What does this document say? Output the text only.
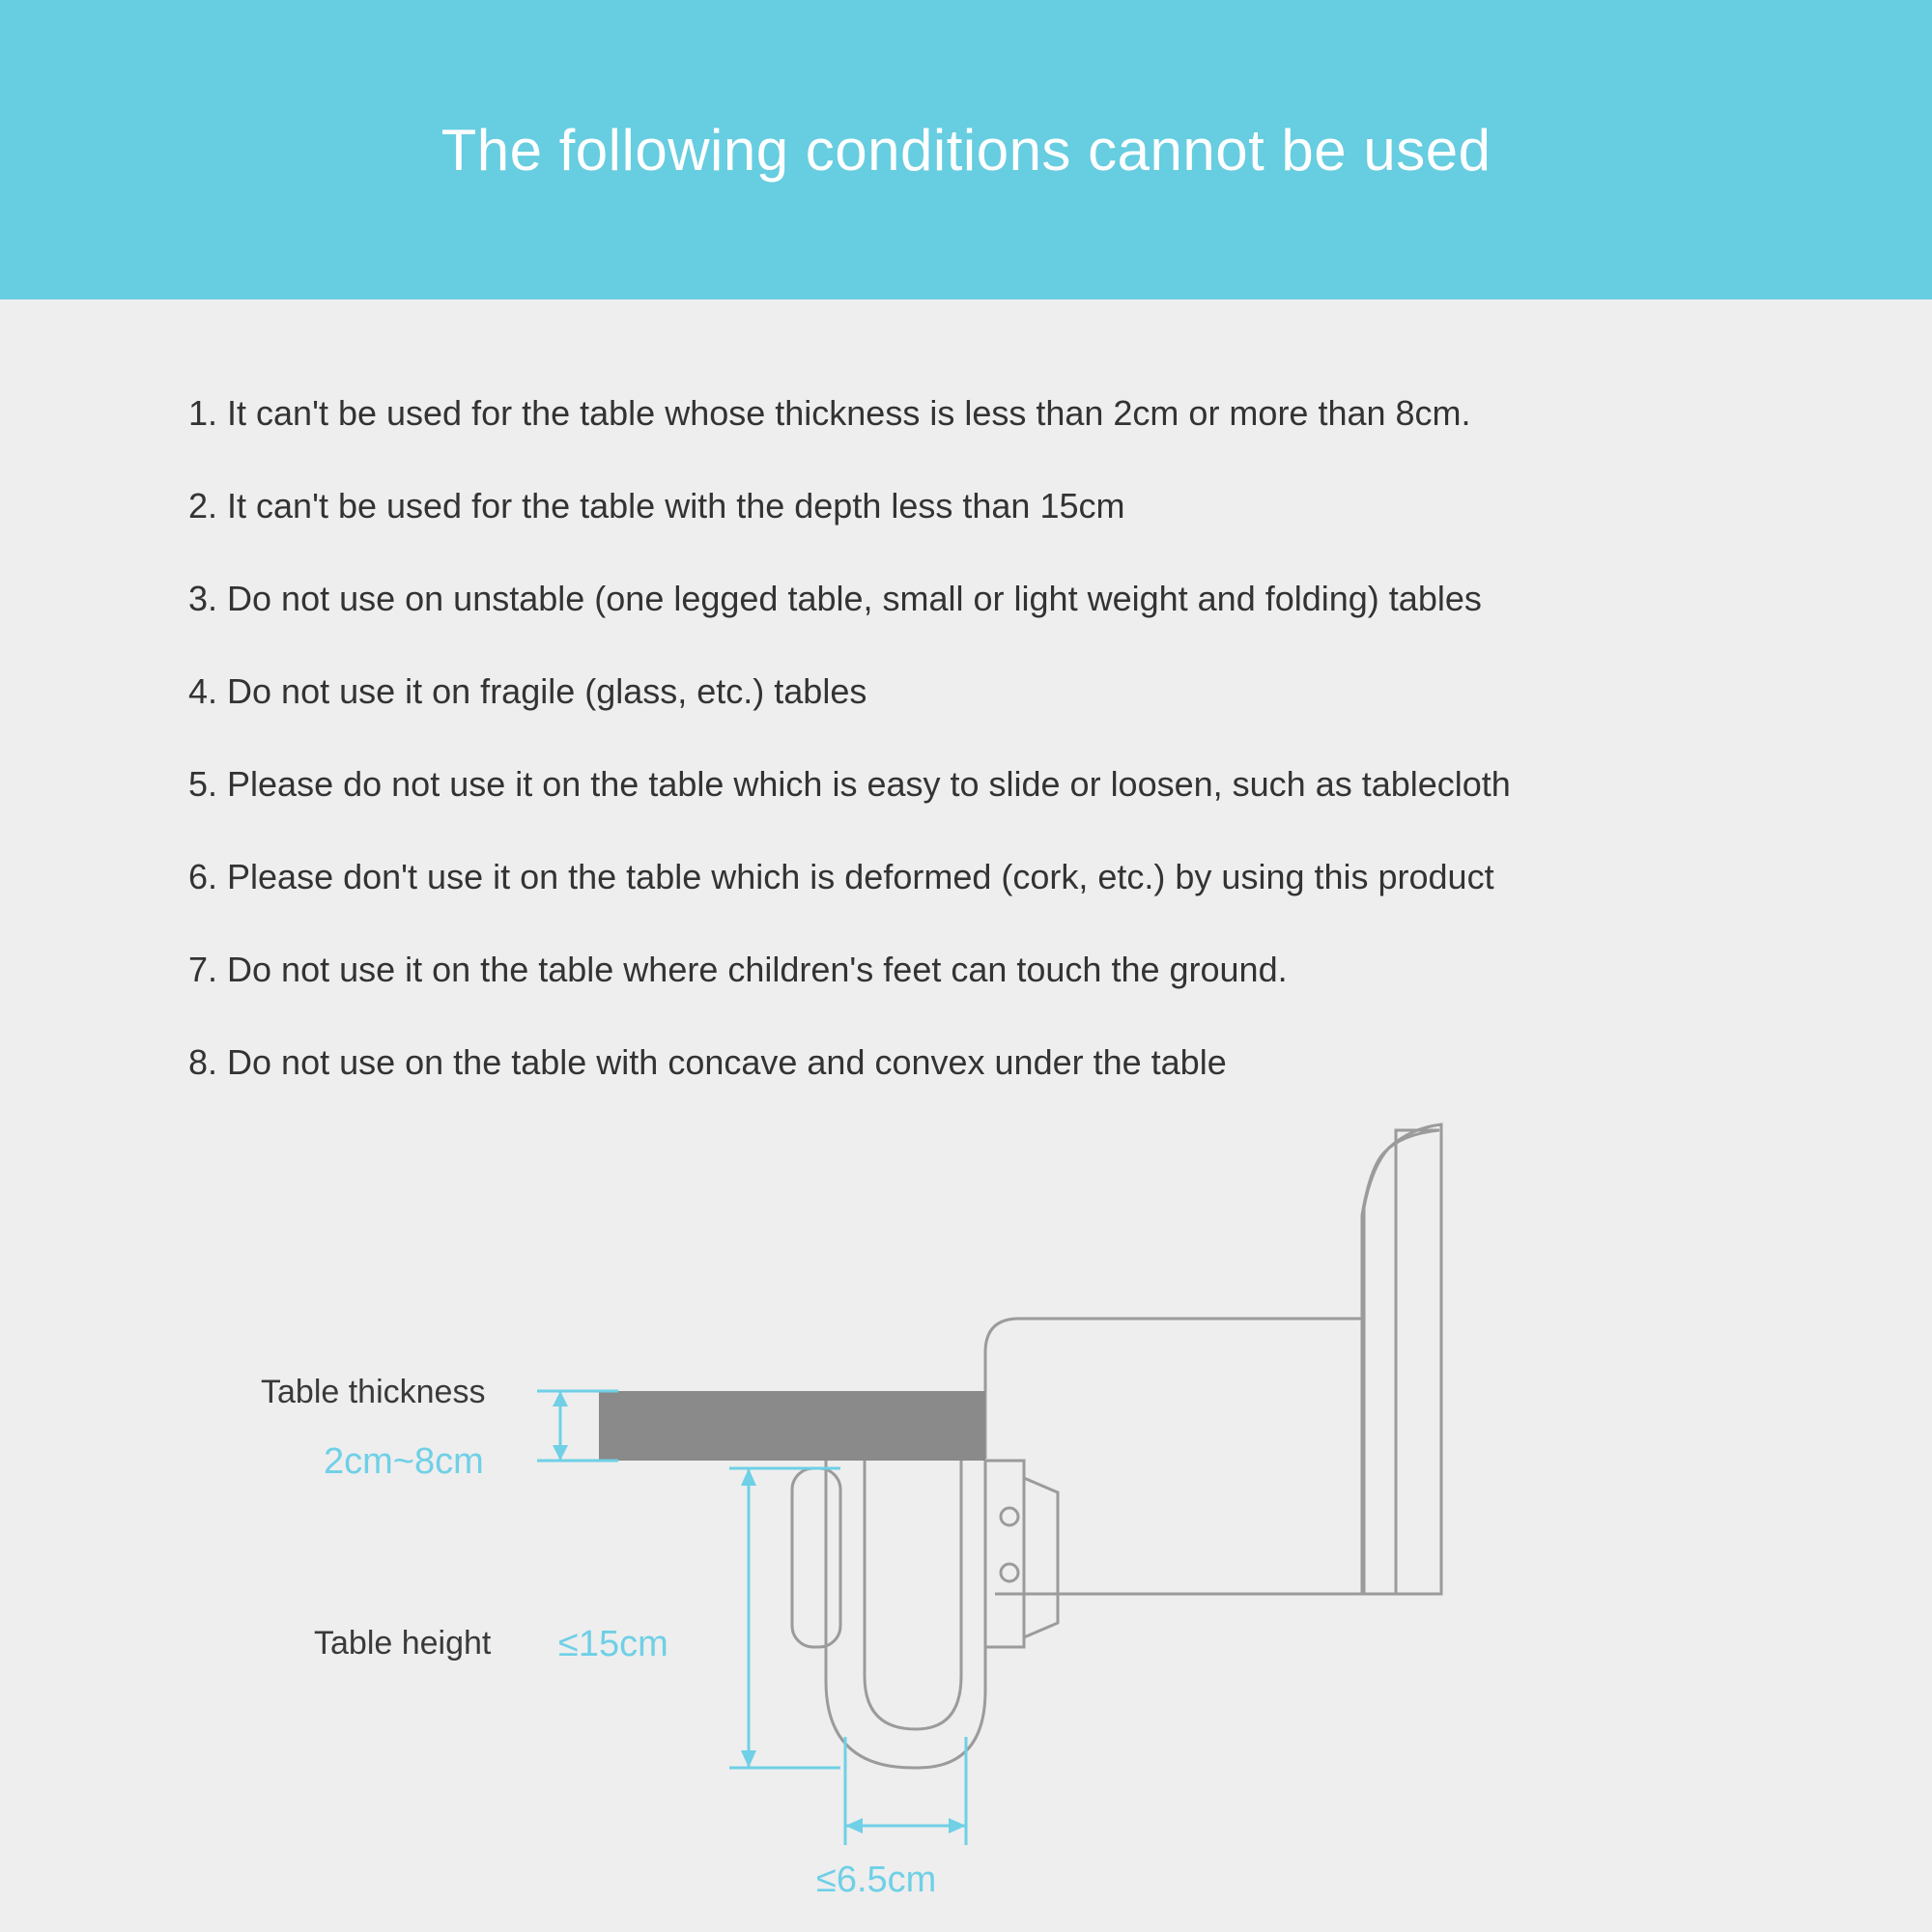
The following conditions cannot be used
1. It can't be used for the table whose thickness is less than 2cm or more than 8cm.
2. It can't be used for the table with the depth less than 15cm
3. Do not use on unstable (one legged table, small or light weight and folding) tables
4. Do not use it on fragile (glass, etc.) tables
5. Please do not use it on the table which is easy to slide or loosen, such as tablecloth
6. Please don't use it on the table which is deformed (cork, etc.) by using this product
7. Do not use it on the table where children's feet can touch the ground.
8. Do not use on the table with concave and convex under the table
Table thickness
2cm~8cm
Table height ≤15cm
≤6.5cm
